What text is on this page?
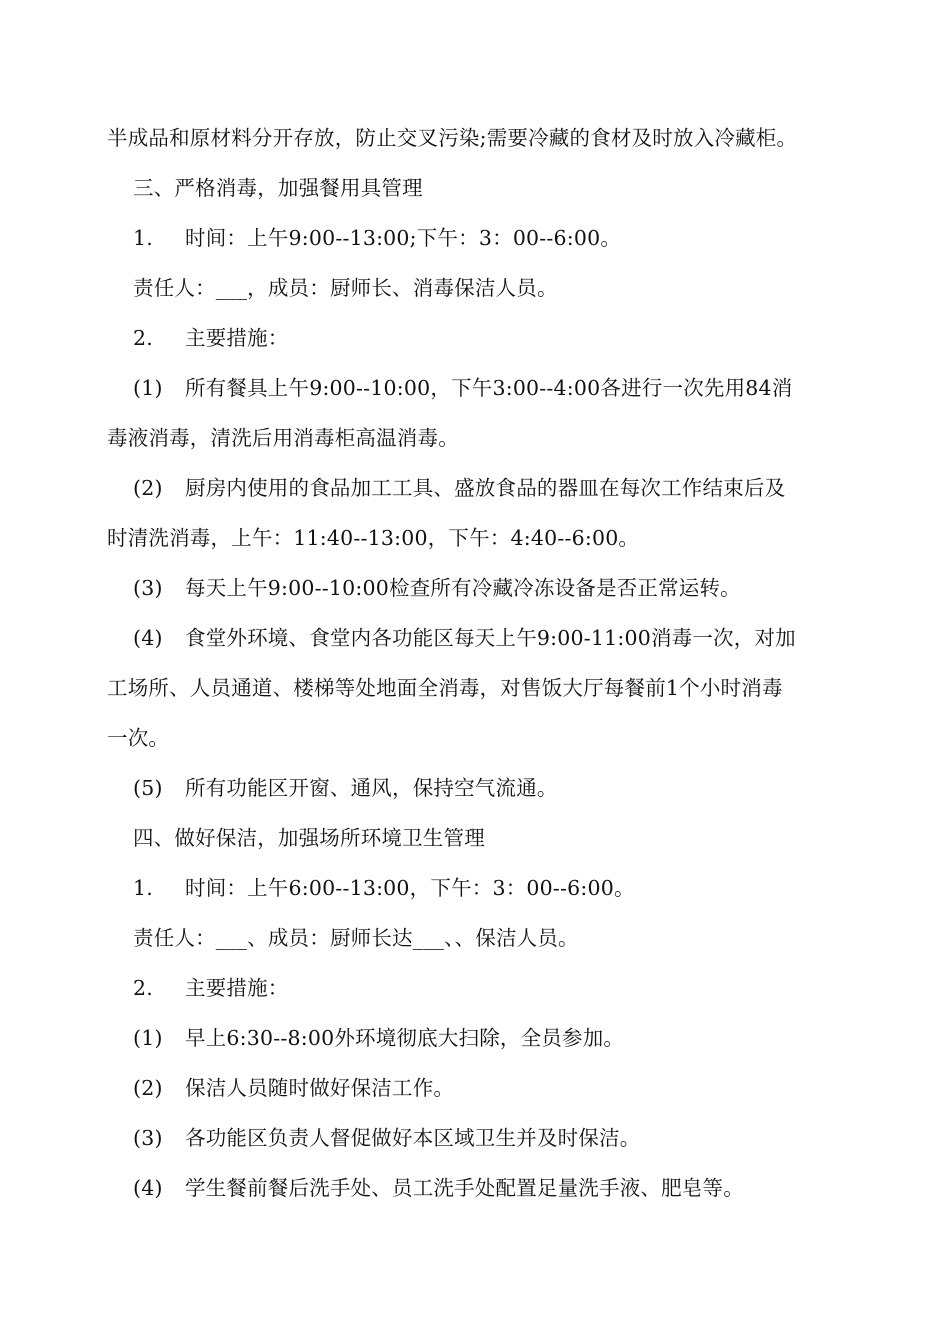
半成品和原材料分开存放，防止交叉污染;需要冷藏的食材及时放入冷藏柜。
三、严格消毒，加强餐用具管理
1. 时间：上午9:00--13:00;下午：3：00--6:00。
责任人：___，成员：厨师长、消毒保洁人员。
2. 主要措施：
(1) 所有餐具上午9:00--10:00，下午3:00--4:00各进行一次先用84消
毒液消毒，清洗后用消毒柜高温消毒。
(2) 厨房内使用的食品加工工具、盛放食品的器皿在每次工作结束后及
时清洗消毒，上午：11:40--13:00，下午：4:40--6:00。
(3) 每天上午9:00--10:00检查所有冷藏冷冻设备是否正常运转。
(4) 食堂外环境、食堂内各功能区每天上午9:00-11:00消毒一次，对加
工场所、人员通道、楼梯等处地面全消毒，对售饭大厅每餐前1个小时消毒
一次。
(5) 所有功能区开窗、通风，保持空气流通。
四、做好保洁，加强场所环境卫生管理
1. 时间：上午6:00--13:00，下午：3：00--6:00。
责任人：___、成员：厨师长达___、、保洁人员。
2. 主要措施：
(1) 早上6:30--8:00外环境彻底大扫除，全员参加。
(2) 保洁人员随时做好保洁工作。
(3) 各功能区负责人督促做好本区域卫生并及时保洁。
(4) 学生餐前餐后洗手处、员工洗手处配置足量洗手液、肥皂等。
